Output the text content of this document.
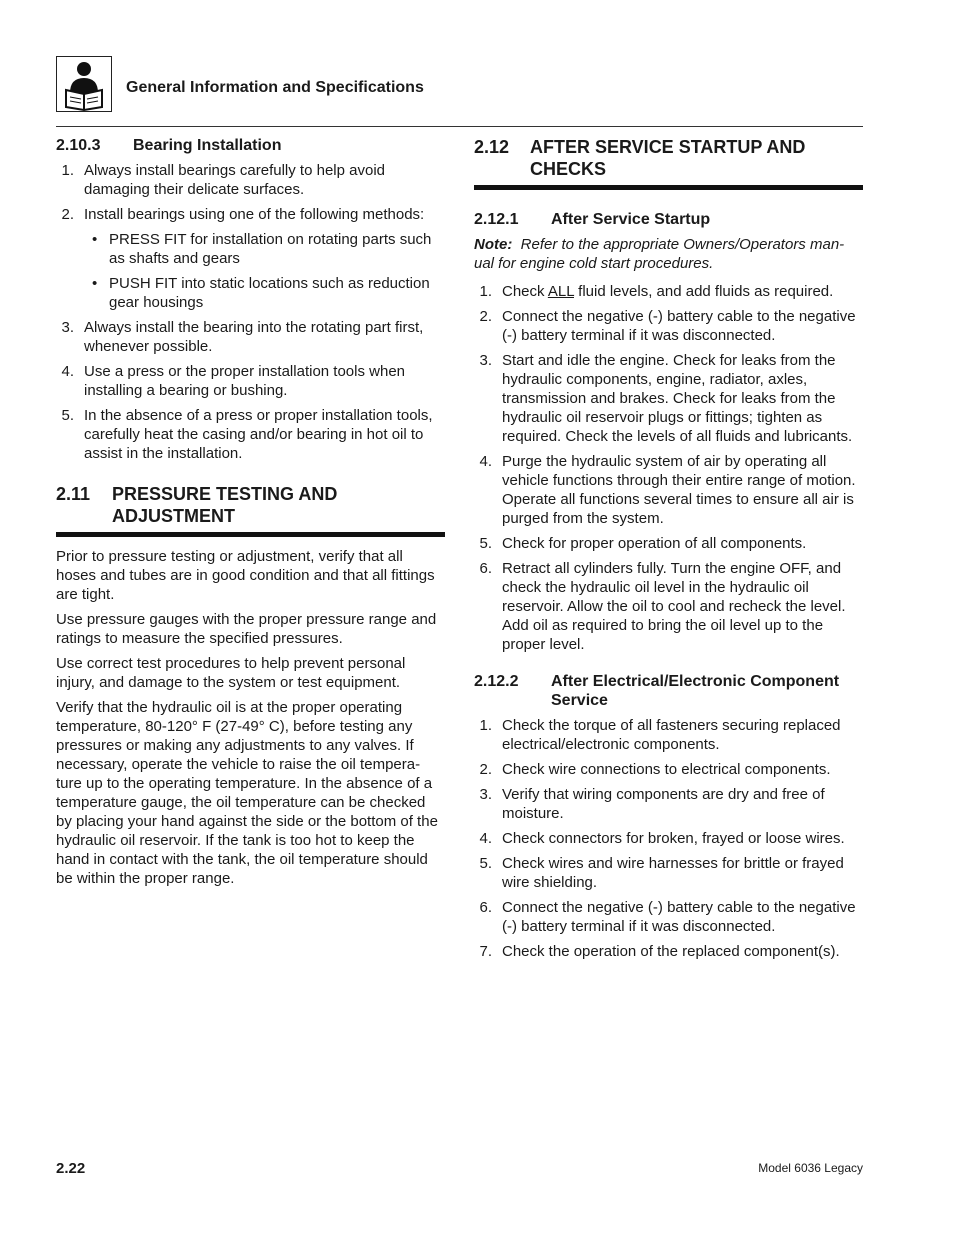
General Information and Specifications
2.10.3 Bearing Installation
1. Always install bearings carefully to help avoid damaging their delicate surfaces.
2. Install bearings using one of the following methods:
• PRESS FIT for installation on rotating parts such as shafts and gears
• PUSH FIT into static locations such as reduction gear housings
3. Always install the bearing into the rotating part first, whenever possible.
4. Use a press or the proper installation tools when installing a bearing or bushing.
5. In the absence of a press or proper installation tools, carefully heat the casing and/or bearing in hot oil to assist in the installation.
2.11 PRESSURE TESTING AND ADJUSTMENT

Prior to pressure testing or adjustment, verify that all hoses and tubes are in good condition and that all fittings are tight.

Use pressure gauges with the proper pressure range and ratings to measure the specified pressures.

Use correct test procedures to help prevent personal injury, and damage to the system or test equipment.

Verify that the hydraulic oil is at the proper operating temperature, 80-120° F (27-49° C), before testing any pressures or making any adjustments to any valves. If necessary, operate the vehicle to raise the oil tempera-ture up to the operating temperature. In the absence of a temperature gauge, the oil temperature can be checked by placing your hand against the side or the bottom of the hydraulic oil reservoir. If the tank is too hot to keep the hand in contact with the tank, the oil temperature should be within the proper range.

2.12 AFTER SERVICE STARTUP AND CHECKS
2.12.1 After Service Startup

Note: Refer to the appropriate Owners/Operators man-ual for engine cold start procedures.

1. Check ALL fluid levels, and add fluids as required.
2. Connect the negative (-) battery cable to the negative (-) battery terminal if it was disconnected.
3. Start and idle the engine. Check for leaks from the hydraulic components, engine, radiator, axles, transmission and brakes. Check for leaks from the hydraulic oil reservoir plugs or fittings; tighten as required. Check the levels of all fluids and lubricants.
4. Purge the hydraulic system of air by operating all vehicle functions through their entire range of motion. Operate all functions several times to ensure all air is purged from the system.
5. Check for proper operation of all components.
6. Retract all cylinders fully. Turn the engine OFF, and check the hydraulic oil level in the hydraulic oil reservoir. Allow the oil to cool and recheck the level. Add oil as required to bring the oil level up to the proper level.
2.12.2 After Electrical/Electronic Component Service
1. Check the torque of all fasteners securing replaced electrical/electronic components.
2. Check wire connections to electrical components.
3. Verify that wiring components are dry and free of moisture.
4. Check connectors for broken, frayed or loose wires.
5. Check wires and wire harnesses for brittle or frayed wire shielding.
6. Connect the negative (-) battery cable to the negative (-) battery terminal if it was disconnected.
7. Check the operation of the replaced component(s).
2.22	Model 6036 Legacy
